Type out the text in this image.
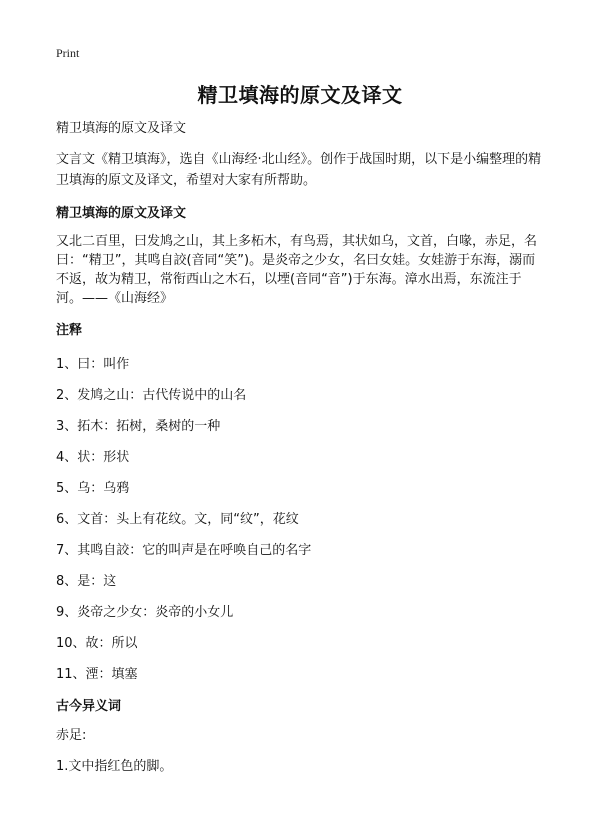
Print
精卫填海的原文及译文

精卫填海的原文及译文

文言文《精卫填海》，选自《山海经·北山经》。创作于战国时期，以下是小编整理的精卫填海的原文及译文，希望对大家有所帮助。

精卫填海的原文及译文

又北二百里，曰发鸠之山，其上多柘木，有鸟焉，其状如乌，文首，白喙，赤足，名曰：“精卫”，其鸣自詨(音同“笑”)。是炎帝之少女，名曰女娃。女娃游于东海，溺而不返，故为精卫，常衔西山之木石，以堙(音同“音”)于东海。漳水出焉，东流注于河。——《山海经》

注释

1、曰：叫作
2、发鸠之山：古代传说中的山名
3、拓木：拓树，桑树的一种
4、状：形状
5、乌：乌鸦
6、文首：头上有花纹。文，同“纹”，花纹
7、其鸣自詨：它的叫声是在呼唤自己的名字
8、是：这
9、炎帝之少女：炎帝的小女儿
10、故：所以
11、湮：填塞

古今异义词

赤足:

1.文中指红色的脚。
